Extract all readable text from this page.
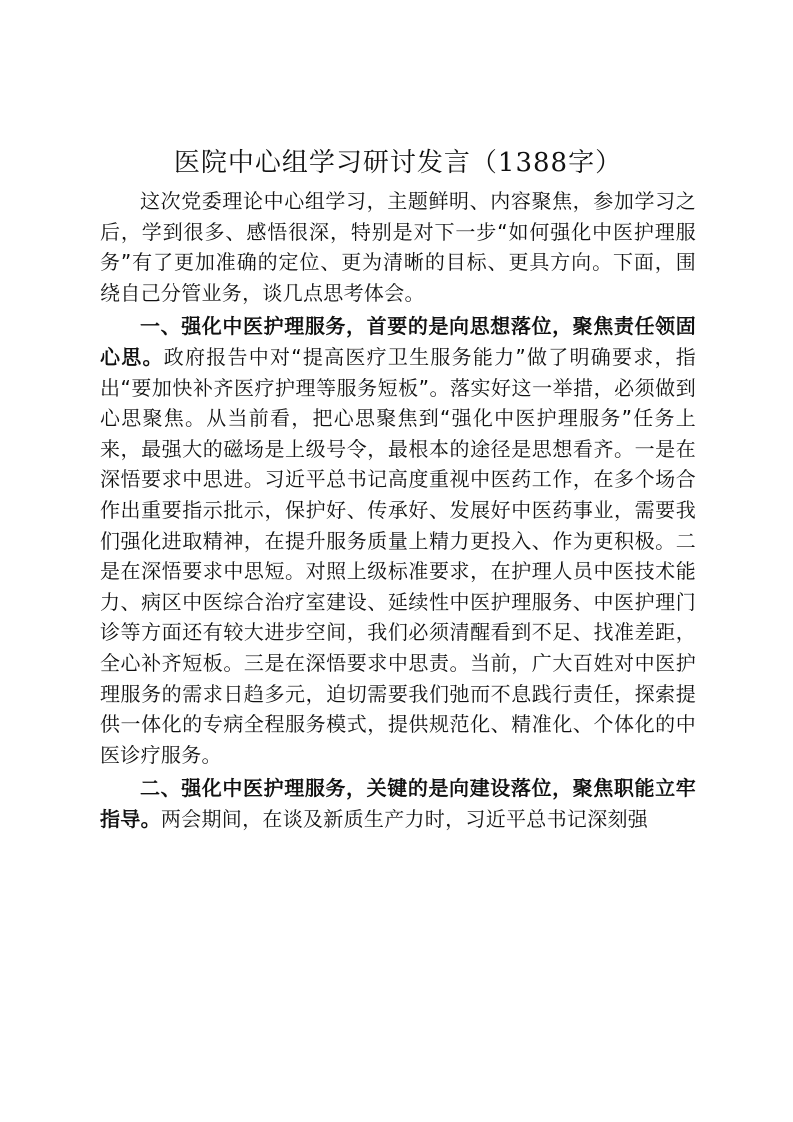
医院中心组学习研讨发言（1388字）

这次党委理论中心组学习，主题鲜明、内容聚焦，参加学习之后，学到很多、感悟很深，特别是对下一步“如何强化中医护理服务”有了更加准确的定位、更为清晰的目标、更具方向。下面，围绕自己分管业务，谈几点思考体会。

一、强化中医护理服务，首要的是向思想落位，聚焦责任领固心思。政府报告中对“提高医疗卫生服务能力”做了明确要求，指出“要加快补齐医疗护理等服务短板”。落实好这一举措，必须做到心思聚焦。从当前看，把心思聚焦到“强化中医护理服务”任务上来，最强大的磁场是上级号令，最根本的途径是思想看齐。一是在深悟要求中思进。习近平总书记高度重视中医药工作，在多个场合作出重要指示批示，保护好、传承好、发展好中医药事业，需要我们强化进取精神，在提升服务质量上精力更投入、作为更积极。二是在深悟要求中思短。对照上级标准要求，在护理人员中医技术能力、病区中医综合治疗室建设、延续性中医护理服务、中医护理门诊等方面还有较大进步空间，我们必须清醒看到不足、找准差距，全心补齐短板。三是在深悟要求中思责。当前，广大百姓对中医护理服务的需求日趋多元，迫切需要我们弛而不息践行责任，探索提供一体化的专病全程服务模式，提供规范化、精准化、个体化的中医诊疗服务。

二、强化中医护理服务，关键的是向建设落位，聚焦职能立牢指导。两会期间，在谈及新质生产力时，习近平总书记深刻强
